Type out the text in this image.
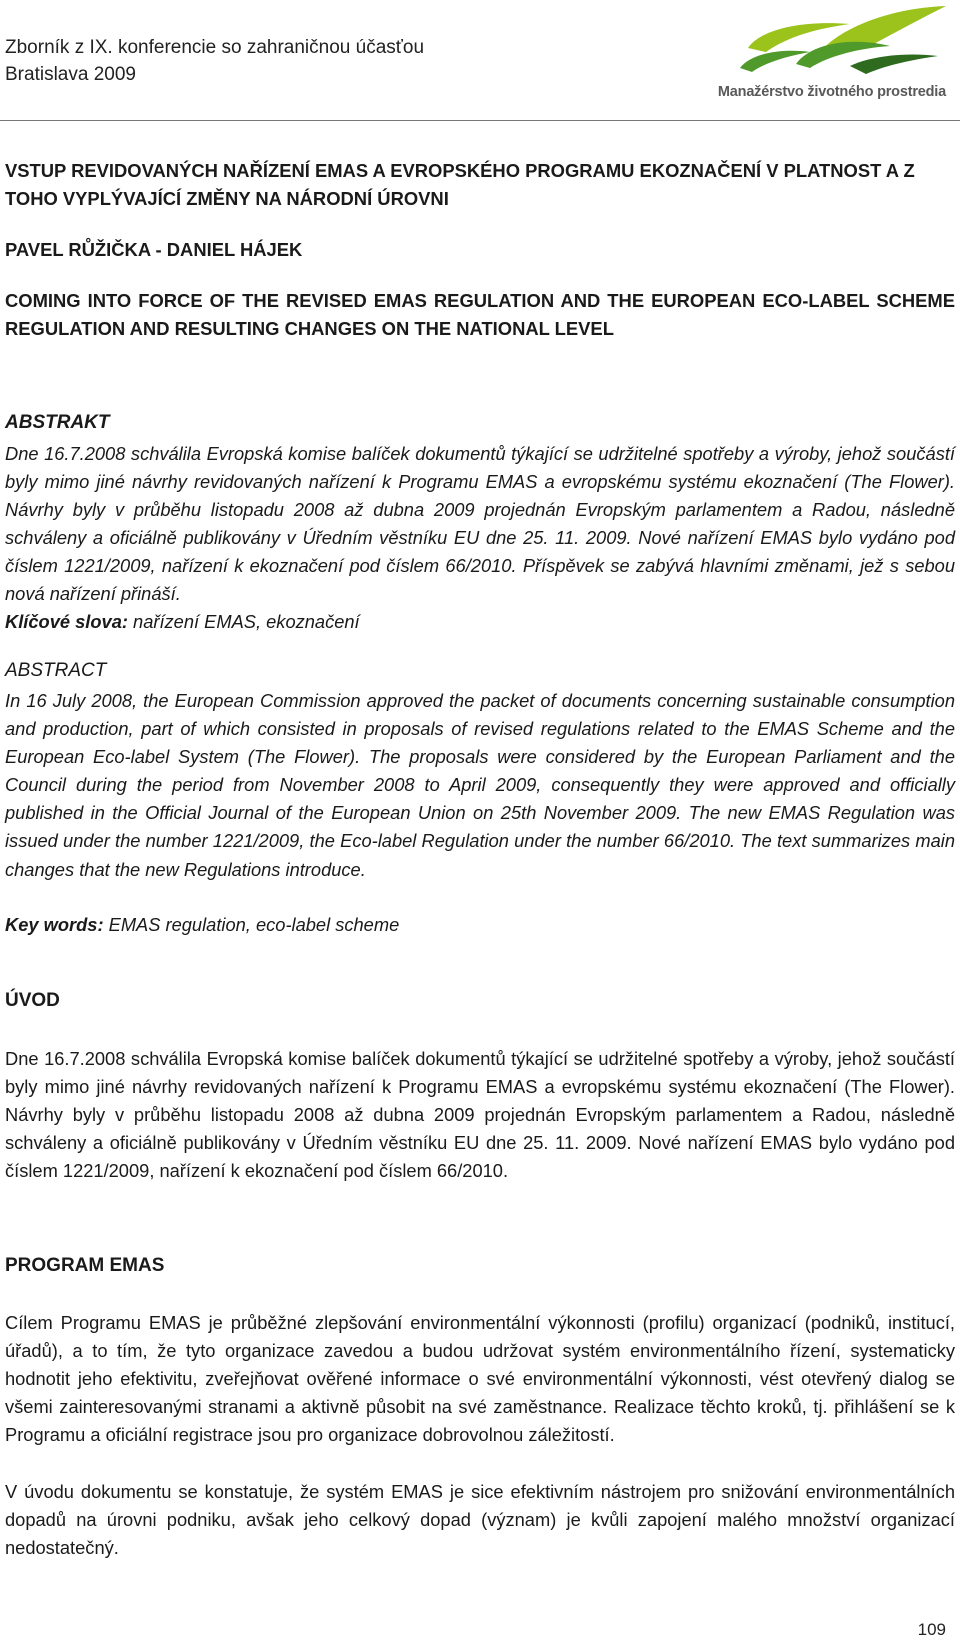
Zborník z IX. konferencie so zahraničnou účasťou
Bratislava 2009
Manažérstvo životného prostredia
VSTUP REVIDOVANÝCH NAŘÍZENÍ EMAS A EVROPSKÉHO PROGRAMU EKOZNAČENÍ V PLATNOST A Z TOHO VYPLÝVAJÍCÍ ZMĚNY NA NÁRODNÍ ÚROVNI
PAVEL RŮŽIČKA - DANIEL HÁJEK
COMING INTO FORCE OF THE REVISED EMAS REGULATION AND THE EUROPEAN ECO-LABEL SCHEME REGULATION AND RESULTING CHANGES ON THE NATIONAL LEVEL
ABSTRAKT
Dne 16.7.2008 schválila Evropská komise balíček dokumentů týkající se udržitelné spotřeby a výroby, jehož součástí byly mimo jiné návrhy revidovaných nařízení k Programu EMAS a evropskému systému ekoznačení (The Flower). Návrhy byly v průběhu listopadu 2008 až dubna 2009 projednán Evropským parlamentem a Radou, následně schváleny a oficiálně publikovány v Úředním věstníku EU dne 25. 11. 2009. Nové nařízení EMAS bylo vydáno pod číslem 1221/2009, nařízení k ekoznačení pod číslem 66/2010. Příspěvek se zabývá hlavními změnami, jež s sebou nová nařízení přináší.
Klíčové slova: nařízení EMAS, ekoznačení
ABSTRACT
In 16 July 2008, the European Commission approved the packet of documents concerning sustainable consumption and production, part of which consisted in proposals of revised regulations related to the EMAS Scheme and the European Eco-label System (The Flower). The proposals were considered by the European Parliament and the Council during the period from November 2008 to April 2009, consequently they were approved and officially published in the Official Journal of the European Union on 25th November 2009. The new EMAS Regulation was issued under the number 1221/2009, the Eco-label Regulation under the number 66/2010. The text summarizes main changes that the new Regulations introduce.
Key words: EMAS regulation, eco-label scheme
ÚVOD
Dne 16.7.2008 schválila Evropská komise balíček dokumentů týkající se udržitelné spotřeby a výroby, jehož součástí byly mimo jiné návrhy revidovaných nařízení k Programu EMAS a evropskému systému ekoznačení (The Flower). Návrhy byly v průběhu listopadu 2008 až dubna 2009 projednán Evropským parlamentem a Radou, následně schváleny a oficiálně publikovány v Úředním věstníku EU dne 25. 11. 2009. Nové nařízení EMAS bylo vydáno pod číslem 1221/2009, nařízení k ekoznačení pod číslem 66/2010.
PROGRAM EMAS
Cílem Programu EMAS je průběžné zlepšování environmentální výkonnosti (profilu) organizací (podniků, institucí, úřadů), a to tím, že tyto organizace zavedou a budou udržovat systém environmentálního řízení, systematicky hodnotit jeho efektivitu, zveřejňovat ověřené informace o své environmentální výkonnosti, vést otevřený dialog se všemi zainteresovanými stranami a aktivně působit na své zaměstnance. Realizace těchto kroků, tj. přihlášení se k Programu a oficiální registrace jsou pro organizace dobrovolnou záležitostí.
V úvodu dokumentu se konstatuje, že systém EMAS je sice efektivním nástrojem pro snižování environmentálních dopadů na úrovni podniku, avšak jeho celkový dopad (význam) je kvůli zapojení malého množství organizací nedostatečný.
109
